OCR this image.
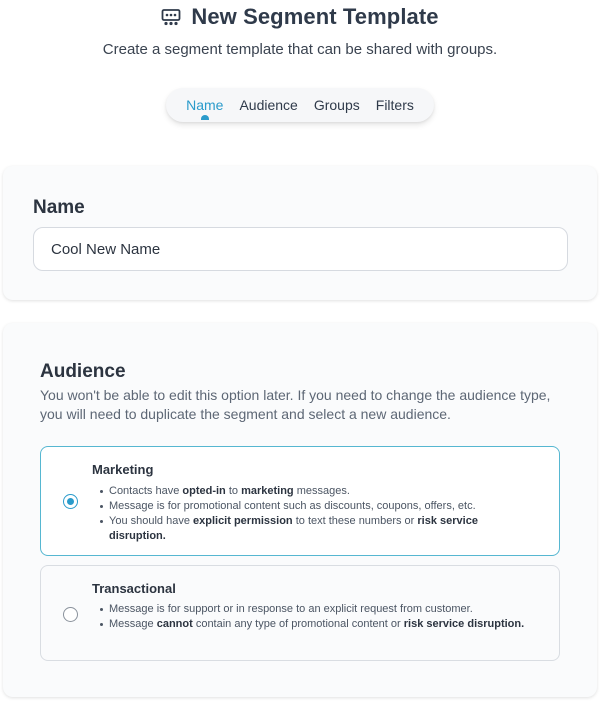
New Segment Template
Create a segment template that can be shared with groups.
Name Audience Groups Filters
Name
Cool New Name
Audience

You won't be able to edit this option later. If you need to change the audience type, you will need to duplicate the segment and select a new audience.

Marketing
Contacts have opted-in to marketing messages.
Message is for promotional content such as discounts, coupons, offers, etc.
You should have explicit permission to text these numbers or risk service disruption.
Transactional
Message is for support or in response to an explicit request from customer.
Message cannot contain any type of promotional content or risk service disruption.
